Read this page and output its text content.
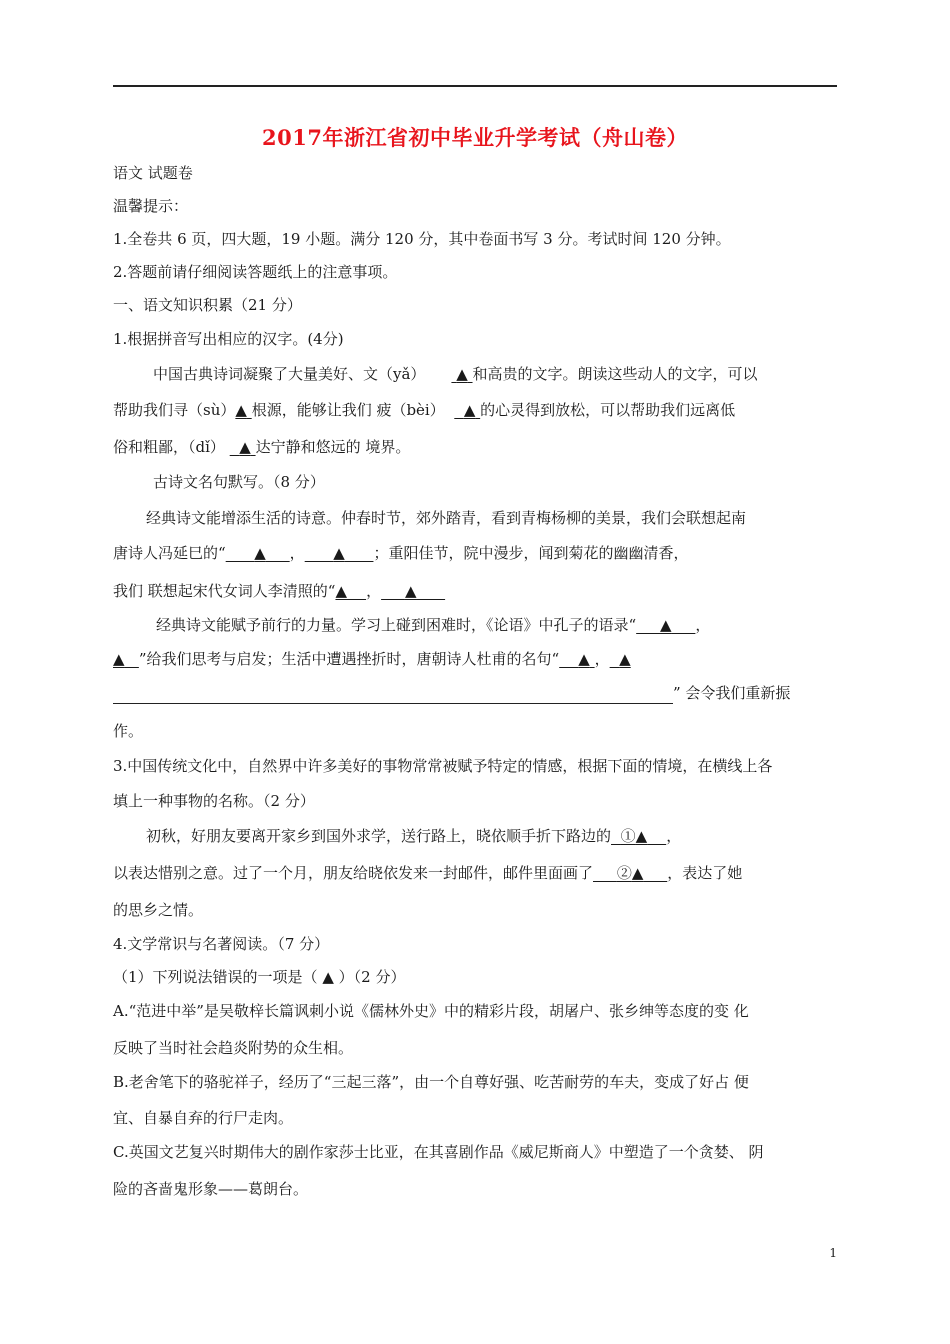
2017年浙江省初中毕业升学考试（舟山卷）
语文 试题卷
温馨提示：
1.全卷共 6 页，四大题，19 小题。满分 120 分，其中卷面书写 3 分。考试时间 120 分钟。
2.答题前请仔细阅读答题纸上的注意事项。
一、语文知识积累（21 分）
1.根据拼音写出相应的汉字。(4分)
中国古典诗词凝聚了大量美好、文（yǎ） ▲ 和高贵的文字。朗读这些动人的文字，可以
帮助我们寻（sù）▲ 根源，能够让我们 疲（bèi） ▲ 的心灵得到放松，可以帮助我们远离低
俗和粗鄙，（dǐ） ▲ 达宁静和悠远的 境界。
古诗文名句默写。（8 分）
经典诗文能增添生活的诗意。仲春时节，郊外踏青，看到青梅杨柳的美景，我们会联想起南
唐诗人冯延巳的“ ▲ ， ▲ ；重阳佳节，院中漫步，闻到菊花的幽幽清香，
我们 联想起宋代女词人李清照的“▲ ， ▲
经典诗文能赋予前行的力量。学习上碰到困难时，《论语》中孔子的语录“ ▲ ，
▲ ”给我们思考与启发；生活中遭遇挫折时，唐朝诗人杜甫的名句“ ▲ ， ▲
” 会令我们重新振
作。
3.中国传统文化中，自然界中许多美好的事物常常被赋予特定的情感，根据下面的情境，在横线上各
填上一种事物的名称。（2 分）
初秋，好朋友要离开家乡到国外求学，送行路上，晓依顺手折下路边的 ①▲ ，
以表达惜别之意。过了一个月，朋友给晓依发来一封邮件，邮件里面画了 ②▲ ，表达了她
的思乡之情。
4.文学常识与名著阅读。（7 分）
（1）下列说法错误的一项是（ ▲ ）（2 分）
A.“范进中举”是吴敬梓长篇讽刺小说《儒林外史》中的精彩片段，胡屠户、张乡绅等态度的变 化
反映了当时社会趋炎附势的众生相。
B.老舍笔下的骆驼祥子，经历了“三起三落”，由一个自尊好强、吃苦耐劳的车夫，变成了好占 便
宜、自暴自弃的行尸走肉。
C.英国文艺复兴时期伟大的剧作家莎士比亚，在其喜剧作品《威尼斯商人》中塑造了一个贪婪、 阴
险的吝啬鬼形象——葛朗台。
1
